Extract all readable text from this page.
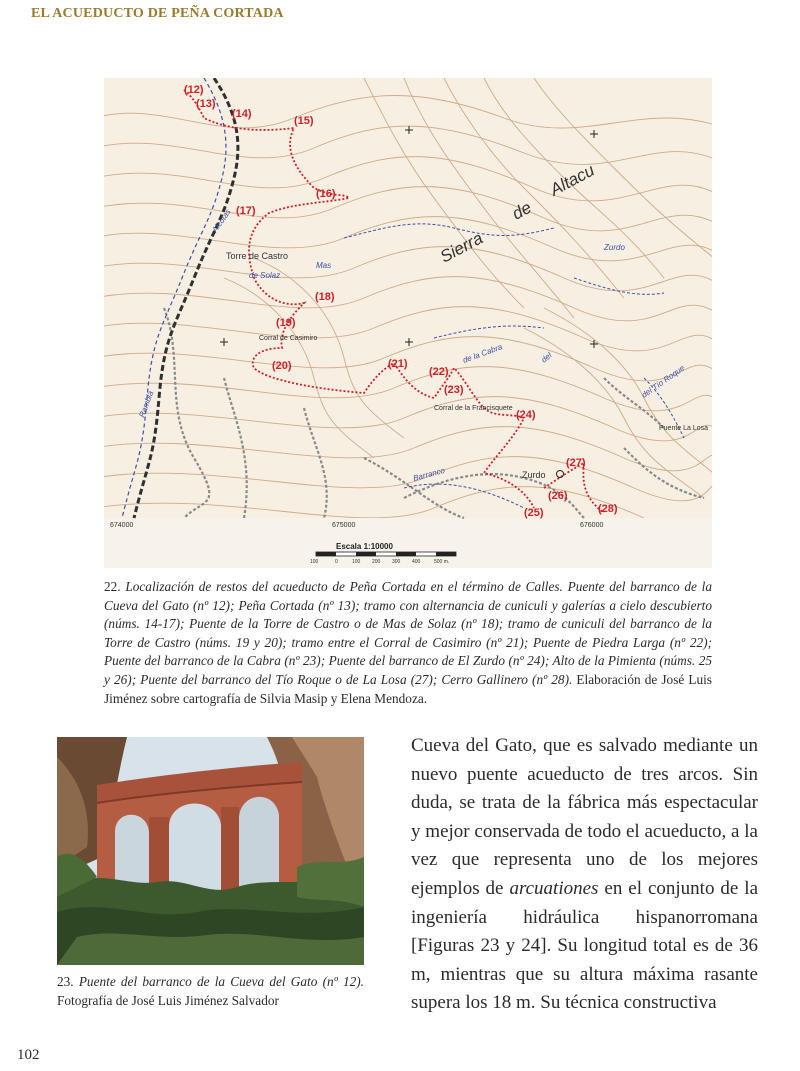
EL ACUEDUCTO DE PEÑA CORTADA
(12)
(13)
(14)
(15)
(16)
(17)
(18)
(19)
(20)	(21)
(22)
(23)
(24)
(25)
(26)
(27)
(28)
Torre de Castro
Mas
de Solaz
Corral de Casimiro
Corral de la Francisquete
Zurdo
Puente La Losa
Barranco
Zurdo
del Tío Roque
de la Cabra	del
Rambla
Alcotas
Sierra
de
Altacu
674000	675000	676000
Escala 1:10000
100	0	100 200 300 400	500 m.
22. Localización de restos del acueducto de Peña Cortada en el término de Calles. Puente del barranco de la Cueva del Gato (nº 12); Peña Cortada (nº 13); tramo con alternancia de cuniculi y galerías a cielo descubierto (núms. 14-17); Puente de la Torre de Castro o de Mas de Solaz (nº 18); tramo de cuniculi del barranco de la Torre de Castro (núms. 19 y 20); tramo entre el Corral de Casimiro (nº 21); Puente de Piedra Larga (nº 22); Puente del barranco de la Cabra (nº 23); Puente del barranco de El Zurdo (nº 24); Alto de la Pimienta (núms. 25 y 26); Puente del barranco del Tío Roque o de La Losa (27); Cerro Gallinero (nº 28). Elaboración de José Luis Jiménez sobre cartografía de Silvia Masip y Elena Mendoza.
23. Puente del barranco de la Cueva del Gato (nº 12). Fotografía de José Luis Jiménez Salvador

Cueva del Gato, que es salvado mediante un nuevo puente acueducto de tres arcos. Sin duda, se trata de la fábrica más espectacular y mejor conservada de todo el acueducto, a la vez que representa uno de los mejores ejemplos de arcuationes en el conjunto de la ingeniería hidráulica hispanorromana [Figuras 23 y 24]. Su longitud total es de 36 m, mientras que su altura máxima rasante supera los 18 m. Su técnica constructiva

102
